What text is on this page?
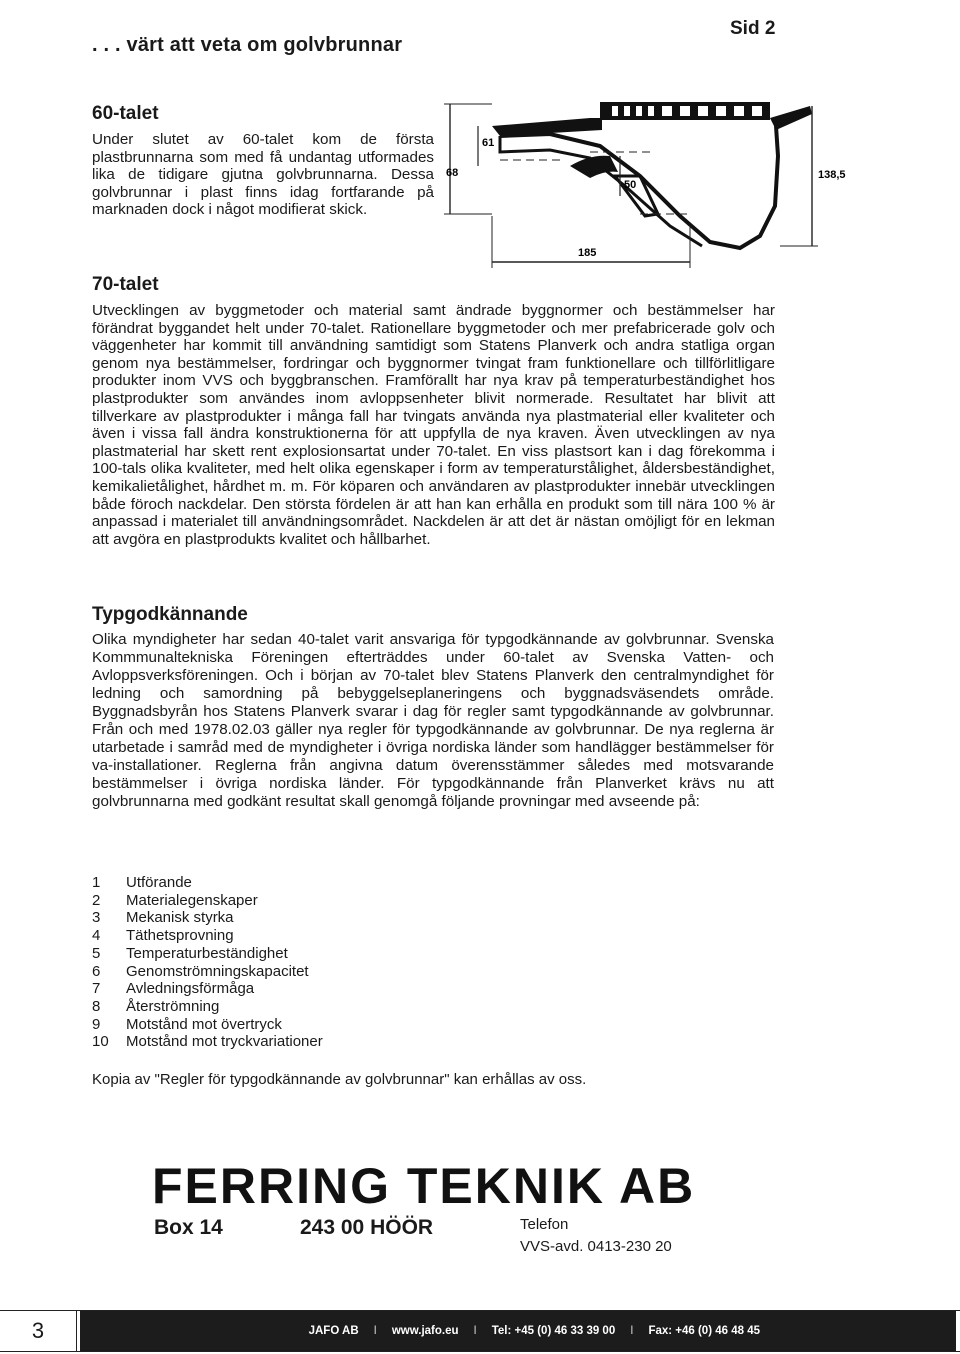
. . . värt att veta om golvbrunnar
Sid 2
60-talet
Under slutet av 60-talet kom de första plastbrunnarna som med få undantag utformades lika de tidigare gjutna golvbrunnarna. Dessa golvbrunnar i plast finns idag fortfarande på marknaden dock i något modifierat skick.
61
68
50
138,5
185
70-talet
Utvecklingen av byggmetoder och material samt ändrade byggnormer och bestämmelser har förändrat byggandet helt under 70-talet. Rationellare byggmetoder och mer prefabricerade golv och väggenheter har kommit till användning samtidigt som Statens Planverk och andra statliga organ genom nya bestämmelser, fordringar och byggnormer tvingat fram funktionellare och tillförlitligare produkter inom VVS och byggbranschen. Framförallt har nya krav på temperaturbeständighet hos plastprodukter som användes inom avloppsenheter blivit normerade. Resultatet har blivit att tillverkare av plastprodukter i många fall har tvingats använda nya plastmaterial eller kvaliteter och även i vissa fall ändra konstruktionerna för att uppfylla de nya kraven. Även utvecklingen av nya plastmaterial har skett rent explosionsartat under 70-talet. En viss plastsort kan i dag förekomma i 100-tals olika kvaliteter, med helt olika egenskaper i form av temperaturstålighet, åldersbeständighet, kemikalietålighet, hårdhet m. m. För köparen och användaren av plastprodukter innebär utvecklingen både föroch nackdelar. Den största fördelen är att han kan erhålla en produkt som till nära 100 % är anpassad i materialet till användningsområdet. Nackdelen är att det är nästan omöjligt för en lekman att avgöra en plastprodukts kvalitet och hållbarhet.
Typgodkännande
Olika myndigheter har sedan 40-talet varit ansvariga för typgodkännande av golvbrunnar. Svenska Kommmunaltekniska Föreningen efterträddes under 60-talet av Svenska Vatten- och Avloppsverksföreningen. Och i början av 70-talet blev Statens Planverk den centralmyndighet för ledning och samordning på bebyggelseplaneringens och byggnadsväsendets område. Byggnadsbyrån hos Statens Planverk svarar i dag för regler samt typgodkännande av golvbrunnar. Från och med 1978.02.03 gäller nya regler för typgodkännande av golvbrunnar. De nya reglerna är utarbetade i samråd med de myndigheter i övriga nordiska länder som handlägger bestämmelser för va-installationer. Reglerna från angivna datum överensstämmer således med motsvarande bestämmelser i övriga nordiska länder. För typgodkännande från Planverket krävs nu att golvbrunnarna med godkänt resultat skall genomgå följande provningar med avseende på:
1	Utförande
2	Materialegenskaper
3	Mekanisk styrka
4	Täthetsprovning
5	Temperaturbeständighet
6	Genomströmningskapacitet
7	Avledningsförmåga
8	Återströmning
9	Motstånd mot övertryck
10	Motstånd mot tryckvariationer
Kopia av "Regler för typgodkännande av golvbrunnar" kan erhållas av oss.
FERRING TEKNIK AB
Box 14	243 00 HÖÖR	Telefon
VVS-avd. 0413-230 20
3	JAFO AB I www.jafo.eu I Tel: +45 (0) 46 33 39 00 I Fax: +46 (0) 46 48 45
